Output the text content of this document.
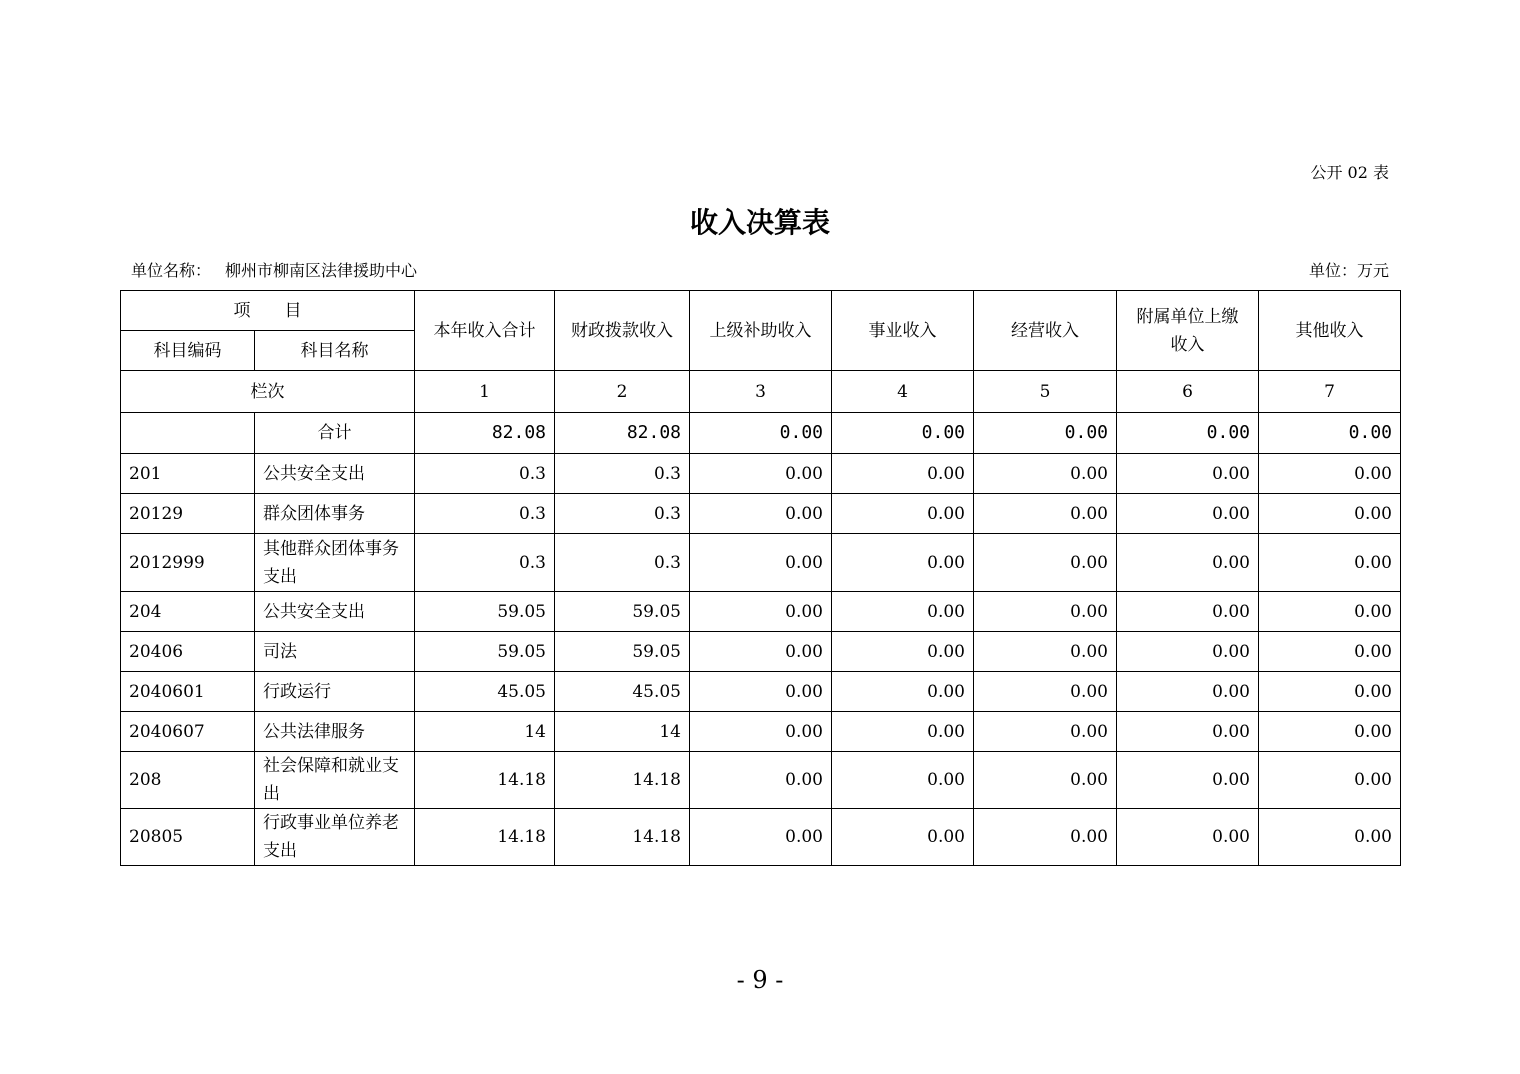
公开 02 表
收入决算表
单位名称： 柳州市柳南区法律援助中心	单位：万元
项　　目		本年收入合计	财政拨款收入	上级补助收入	事业收入	经营收入	附属单位上缴收入	其他收入
科目编码	科目名称							
栏次		1	2	3	4	5	6	7
	合计	82.08	82.08	0.00	0.00	0.00	0.00	0.00
201	公共安全支出	0.3	0.3	0.00	0.00	0.00	0.00	0.00
20129	群众团体事务	0.3	0.3	0.00	0.00	0.00	0.00	0.00
2012999	其他群众团体事务支出	0.3	0.3	0.00	0.00	0.00	0.00	0.00
204	公共安全支出	59.05	59.05	0.00	0.00	0.00	0.00	0.00
20406	司法	59.05	59.05	0.00	0.00	0.00	0.00	0.00
2040601	行政运行	45.05	45.05	0.00	0.00	0.00	0.00	0.00
2040607	公共法律服务	14	14	0.00	0.00	0.00	0.00	0.00
208	社会保障和就业支出	14.18	14.18	0.00	0.00	0.00	0.00	0.00
20805	行政事业单位养老支出	14.18	14.18	0.00	0.00	0.00	0.00	0.00
- 9 -
